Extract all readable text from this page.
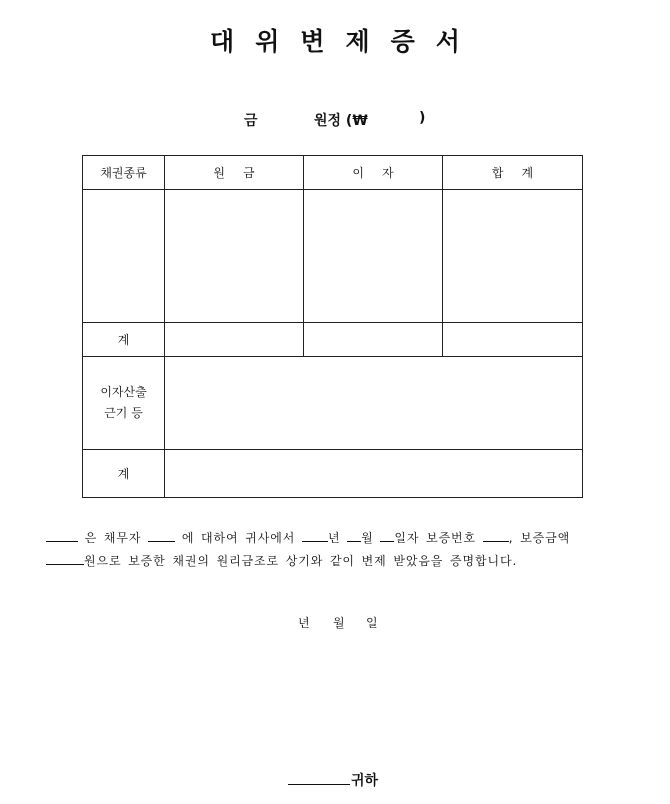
대위변제증서
금	원정 (₩	)
채권종류	원금	이자	합계

계			
이자산출
근기 등			
계			
은 채무자	에 대하여 귀사에서	년 월 일자 보증번호	, 보증금액
원으로 보증한 채권의 원리금조로 상기와 같이 변제 받았음을 증명합니다.
년 월 일
귀하
